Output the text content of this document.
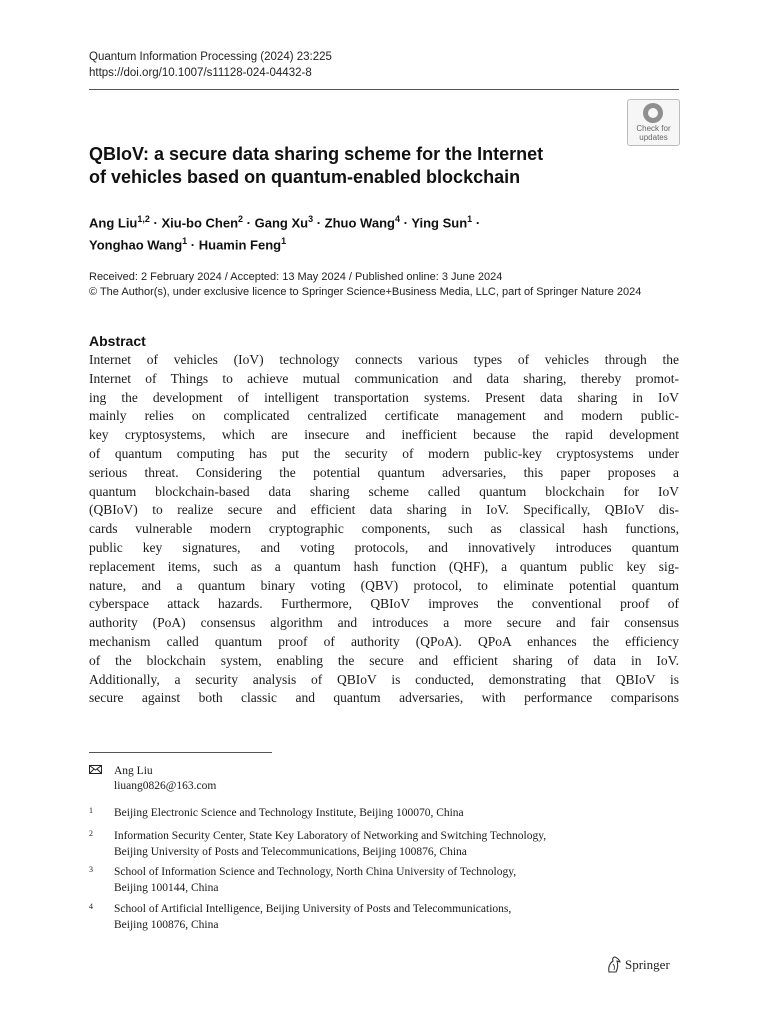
Quantum Information Processing (2024) 23:225
https://doi.org/10.1007/s11128-024-04432-8
Check for
updates
QBIoV: a secure data sharing scheme for the Internet
of vehicles based on quantum-enabled blockchain
Ang Liu$^{1,2}$ · Xiu-bo Chen$^2$ · Gang $Xu^3$ · Zhuo Wang$^4$ · Ying Sun$^1$ ·
Yonghao Wang$^1$ · Huamin Feng$^1$
Received: 2 February 2024 / Accepted: 13 May 2024 / Published online: 3 June 2024
© The Author(s), under exclusive licence to Springer Science+Business Media, LLC, part of Springer Nature 2024
Abstract
Internet of vehicles (IoV) technology connects various types of vehicles through the
Internet of Things to achieve mutual communication and data sharing, thereby promot-
ing the development of intelligent transportation systems. Present data sharing in IoV
mainly relies on complicated centralized certificate management and modern public-
key cryptosystems, which are insecure and inefficient because the rapid development
of quantum computing has put the security of modern public-key cryptosystems under
serious threat. Considering the potential quantum adversaries, this paper proposes a
quantum blockchain-based data sharing scheme called quantum blockchain for IoV
(QBIoV) to realize secure and efficient data sharing in IoV. Specifically, QBIoV dis-
cards vulnerable modern cryptographic components, such as classical hash functions,
public key signatures, and voting protocols, and innovatively introduces quantum
replacement items, such as a quantum hash function (QHF), a quantum public key sig-
nature, and a quantum binary voting (QBV) protocol, to eliminate potential quantum
cyberspace attack hazards. Furthermore, QBIoV improves the conventional proof of
authority (PoA) consensus algorithm and introduces a more secure and fair consensus
mechanism called quantum proof of authority (QPoA). QPoA enhances the efficiency
of the blockchain system, enabling the secure and efficient sharing of data in IoV.
Additionally, a security analysis of QBIoV is conducted, demonstrating that QBIoV is
secure against both classic and quantum adversaries, with performance comparisons
Ang Liu
liuang0826@163.com
1 Beijing Electronic Science and Technology Institute, Beijing 100070, China
2 Information Security Center, State Key Laboratory of Networking and Switching Technology,
Beijing University of Posts and Telecommunications, Beijing 100876, China
3 School of Information Science and Technology, North China University of Technology,
Beijing 100144, China
4 School of Artificial Intelligence, Beijing University of Posts and Telecommunications,
Beijing 100876, China
Springer
